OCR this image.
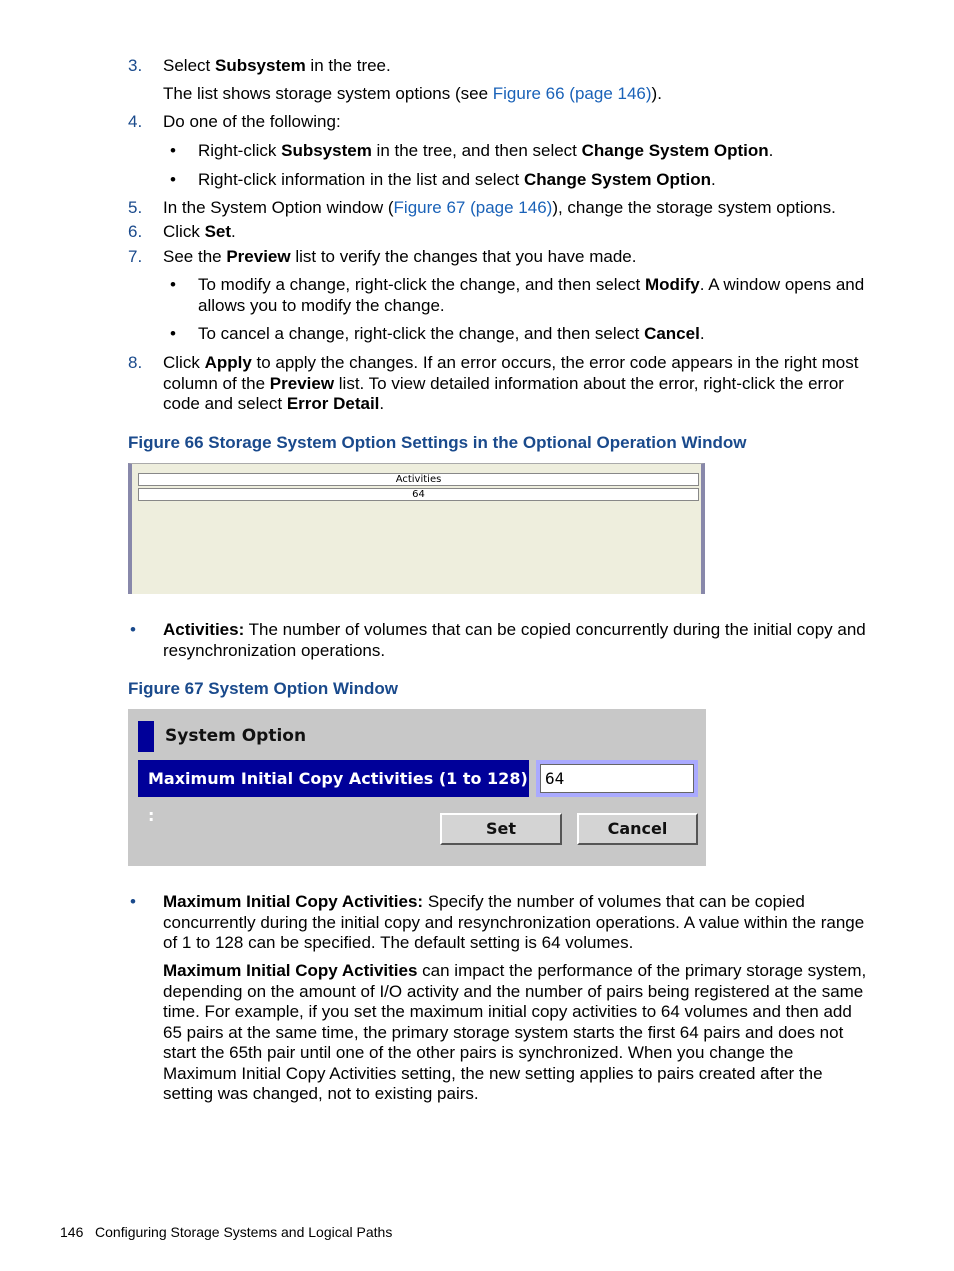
3. Select Subsystem in the tree.
The list shows storage system options (see Figure 66 (page 146)).
4. Do one of the following:
• Right-click Subsystem in the tree, and then select Change System Option.
• Right-click information in the list and select Change System Option.
5. In the System Option window (Figure 67 (page 146)), change the storage system options.
6. Click Set.
7. See the Preview list to verify the changes that you have made.
• To modify a change, right-click the change, and then select Modify. A window opens and allows you to modify the change.
• To cancel a change, right-click the change, and then select Cancel.
8. Click Apply to apply the changes. If an error occurs, the error code appears in the right most column of the Preview list. To view detailed information about the error, right-click the error code and select Error Detail.
Figure 66 Storage System Option Settings in the Optional Operation Window
Activities
64
• Activities: The number of volumes that can be copied concurrently during the initial copy and resynchronization operations.
Figure 67 System Option Window
System Option
Maximum Initial Copy Activities (1 to 128) :
64
Set	Cancel
• Maximum Initial Copy Activities: Specify the number of volumes that can be copied concurrently during the initial copy and resynchronization operations. A value within the range of 1 to 128 can be specified. The default setting is 64 volumes.
Maximum Initial Copy Activities can impact the performance of the primary storage system, depending on the amount of I/O activity and the number of pairs being registered at the same time. For example, if you set the maximum initial copy activities to 64 volumes and then add 65 pairs at the same time, the primary storage system starts the first 64 pairs and does not start the 65th pair until one of the other pairs is synchronized. When you change the Maximum Initial Copy Activities setting, the new setting applies to pairs created after the setting was changed, not to existing pairs.
146 Configuring Storage Systems and Logical Paths
